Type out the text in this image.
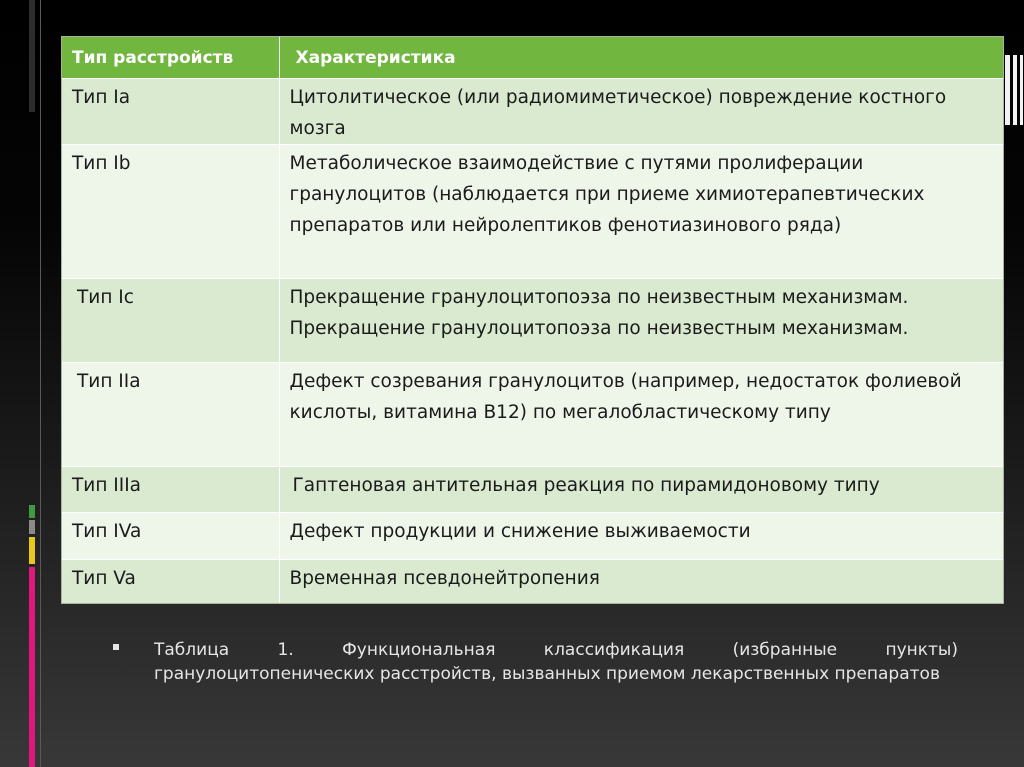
Тип расстройств	Характеристика
Тип Ia	Цитолитическое (или радиомиметическое) повреждение костного мозга
Тип Ib	Метаболическое взаимодействие с путями пролиферации гранулоцитов (наблюдается при приеме химиотерапевтических препаратов или нейролептиков фенотиазинового ряда)
Тип Ic	Прекращение гранулоцитопоэза по неизвестным механизмам. Прекращение гранулоцитопоэза по неизвестным механизмам.
Тип IIa	Дефект созревания гранулоцитов (например, недостаток фолиевой кислоты, витамина В12) по мегалобластическому типу
Тип IIIa	Гаптеновая антительная реакция по пирамидоновому типу
Тип IVa	Дефект продукции и снижение выживаемости
Тип Va	Временная псевдонейтропения
Таблица 1. Функциональная классификация (избранные пункты) гранулоцитопенических расстройств, вызванных приемом лекарственных препаратов
